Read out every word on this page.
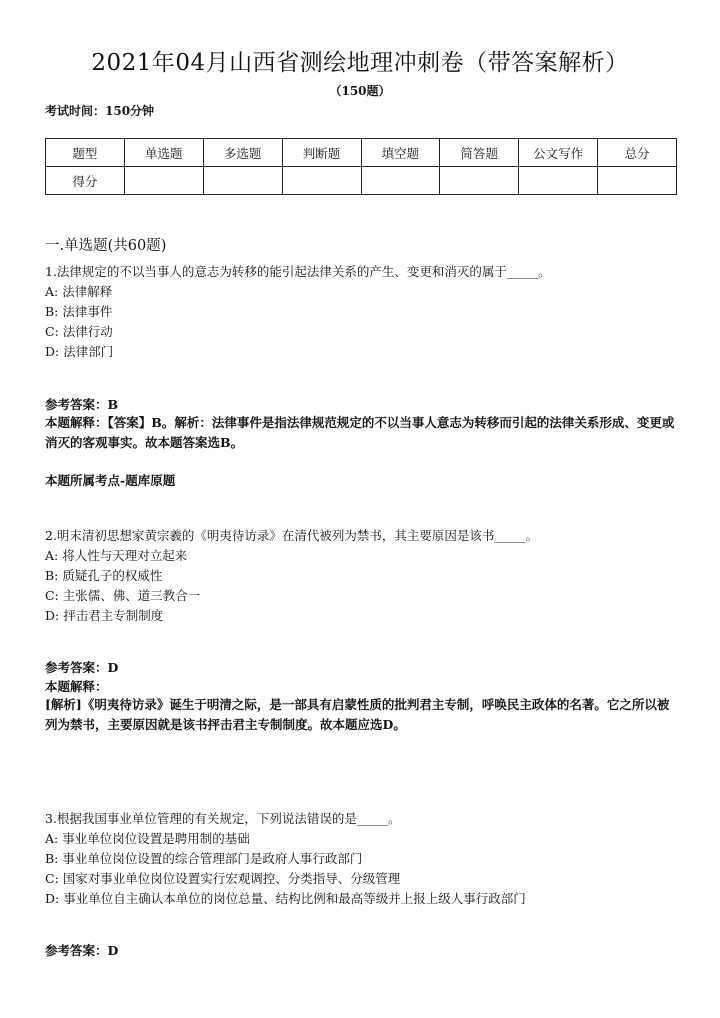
2021年04月山西省测绘地理冲刺卷（带答案解析）
（150题）
考试时间：150分钟
题型	单选题	多选题	判断题	填空题	简答题	公文写作	总分
得分							
一.单选题(共60题)
1.法律规定的不以当事人的意志为转移的能引起法律关系的产生、变更和消灭的属于_____。
A: 法律解释
B: 法律事件
C: 法律行动
D: 法律部门
参考答案：B
本题解释：【答案】B。解析：法律事件是指法律规范规定的不以当事人意志为转移而引起的法律关系形成、变更或消灭的客观事实。故本题答案选B。
本题所属考点-题库原题
2.明末清初思想家黄宗羲的《明夷待访录》在清代被列为禁书，其主要原因是该书_____。
A: 将人性与天理对立起来
B: 质疑孔子的权威性
C: 主张儒、佛、道三教合一
D: 抨击君主专制制度
参考答案：D
本题解释：
[解析]《明夷待访录》诞生于明清之际，是一部具有启蒙性质的批判君主专制，呼唤民主政体的名著。它之所以被列为禁书，主要原因就是该书抨击君主专制制度。故本题应选D。
3.根据我国事业单位管理的有关规定，下列说法错误的是_____。
A: 事业单位岗位设置是聘用制的基础
B: 事业单位岗位设置的综合管理部门是政府人事行政部门
C: 国家对事业单位岗位设置实行宏观调控、分类指导、分级管理
D: 事业单位自主确认本单位的岗位总量、结构比例和最高等级并上报上级人事行政部门
参考答案：D
